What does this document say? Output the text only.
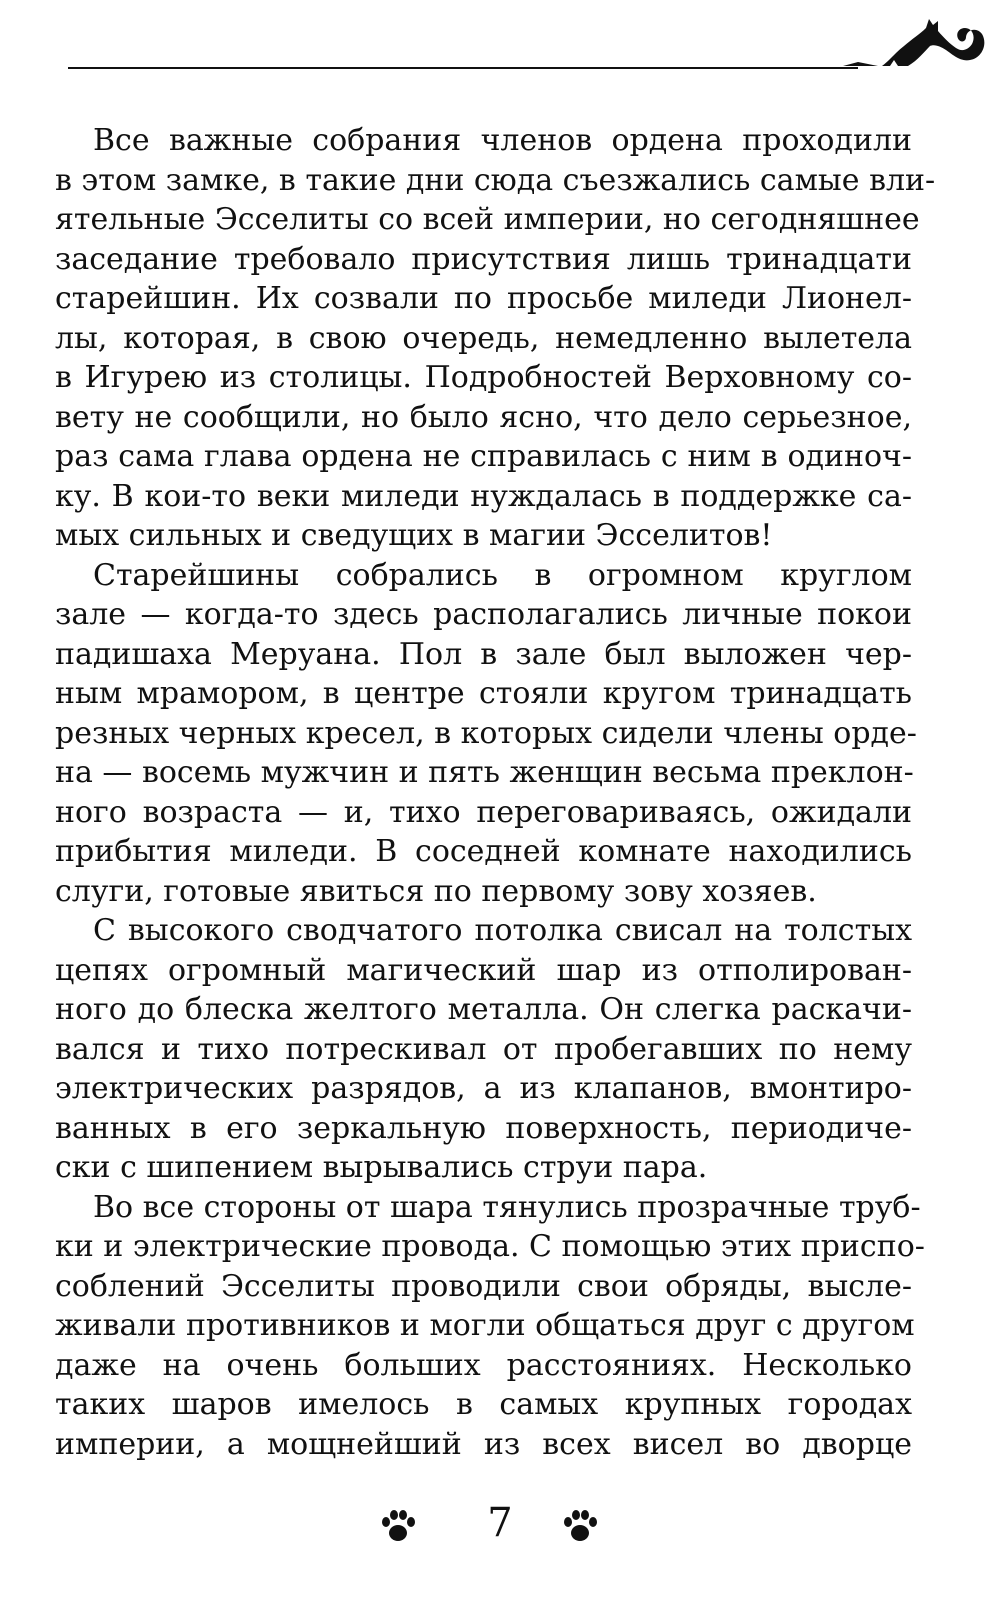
Все важные собрания членов ордена проходили
в этом замке, в такие дни сюда съезжались самые вли-
ятельные Эсселиты со всей империи, но сегодняшнее
заседание требовало присутствия лишь тринадцати
старейшин. Их созвали по просьбе миледи Лионел-
лы, которая, в свою очередь, немедленно вылетела
в Игурею из столицы. Подробностей Верховному со-
вету не сообщили, но было ясно, что дело серьезное,
раз сама глава ордена не справилась с ним в одиноч-
ку. В кои-то веки миледи нуждалась в поддержке са-
мых сильных и сведущих в магии Эсселитов!
Старейшины собрались в огромном круглом
зале — когда-то здесь располагались личные покои
падишаха Меруана. Пол в зале был выложен чер-
ным мрамором, в центре стояли кругом тринадцать
резных черных кресел, в которых сидели члены орде-
на — восемь мужчин и пять женщин весьма преклон-
ного возраста — и, тихо переговариваясь, ожидали
прибытия миледи. В соседней комнате находились
слуги, готовые явиться по первому зову хозяев.
С высокого сводчатого потолка свисал на толстых
цепях огромный магический шар из отполирован-
ного до блеска желтого металла. Он слегка раскачи-
вался и тихо потрескивал от пробегавших по нему
электрических разрядов, а из клапанов, вмонтиро-
ванных в его зеркальную поверхность, периодиче-
ски с шипением вырывались струи пара.
Во все стороны от шара тянулись прозрачные труб-
ки и электрические провода. С помощью этих приспо-
соблений Эсселиты проводили свои обряды, высле-
живали противников и могли общаться друг с другом
даже на очень больших расстояниях. Несколько
таких шаров имелось в самых крупных городах
империи, а мощнейший из всех висел во дворце
7
